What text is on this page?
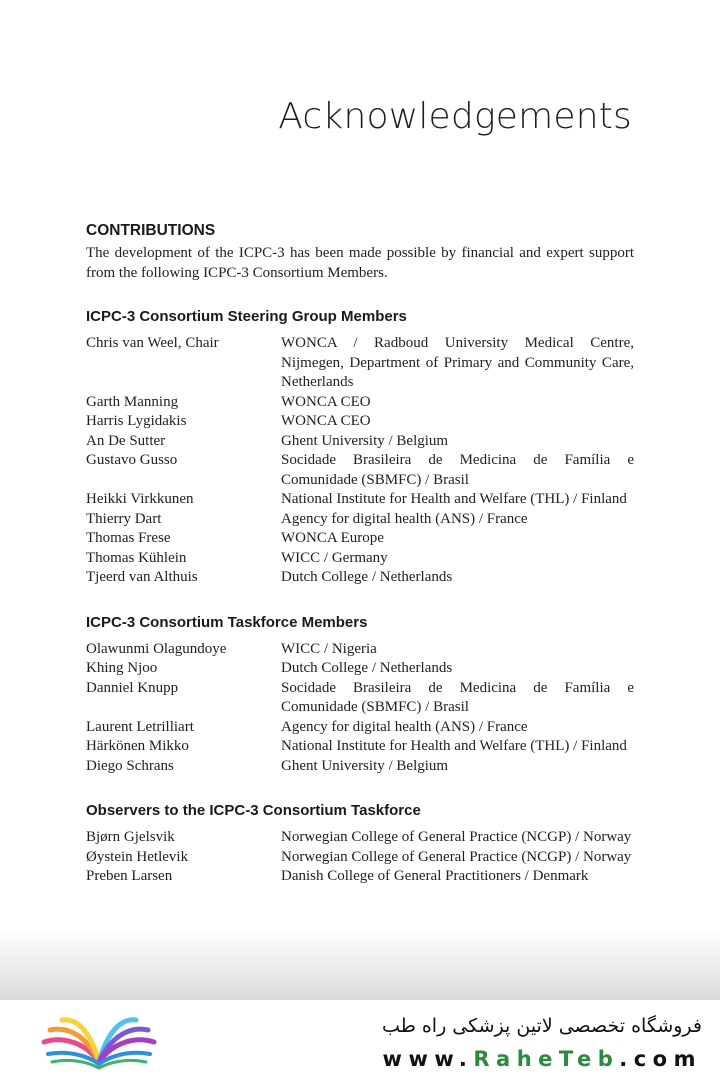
Acknowledgements
CONTRIBUTIONS

The development of the ICPC-3 has been made possible by financial and expert support from the following ICPC-3 Consortium Members.

ICPC-3 Consortium Steering Group Members
Chris van Weel, Chair	WONCA / Radboud University Medical Centre, Nijmegen, Department of Primary and Community Care, Netherlands
Garth Manning	WONCA CEO
Harris Lygidakis	WONCA CEO
An De Sutter	Ghent University / Belgium
Gustavo Gusso	Socidade Brasileira de Medicina de Família e Comunidade (SBMFC) / Brasil
Heikki Virkkunen	National Institute for Health and Welfare (THL) / Finland
Thierry Dart	Agency for digital health (ANS) / France
Thomas Frese	WONCA Europe
Thomas Kühlein	WICC / Germany
Tjeerd van Althuis	Dutch College / Netherlands
ICPC-3 Consortium Taskforce Members
Olawunmi Olagundoye	WICC / Nigeria
Khing Njoo	Dutch College / Netherlands
Danniel Knupp	Socidade Brasileira de Medicina de Família e Comunidade (SBMFC) / Brasil
Laurent Letrilliart	Agency for digital health (ANS) / France
Härkönen Mikko	National Institute for Health and Welfare (THL) / Finland
Diego Schrans	Ghent University / Belgium
Observers to the ICPC-3 Consortium Taskforce
Bjørn Gjelsvik	Norwegian College of General Practice (NCGP) / Norway
Øystein Hetlevik	Norwegian College of General Practice (NCGP) / Norway
Preben Larsen	Danish College of General Practitioners / Denmark
فروشگاه تخصصی لاتین پزشکی راه طب
www.RaheTeb.com
